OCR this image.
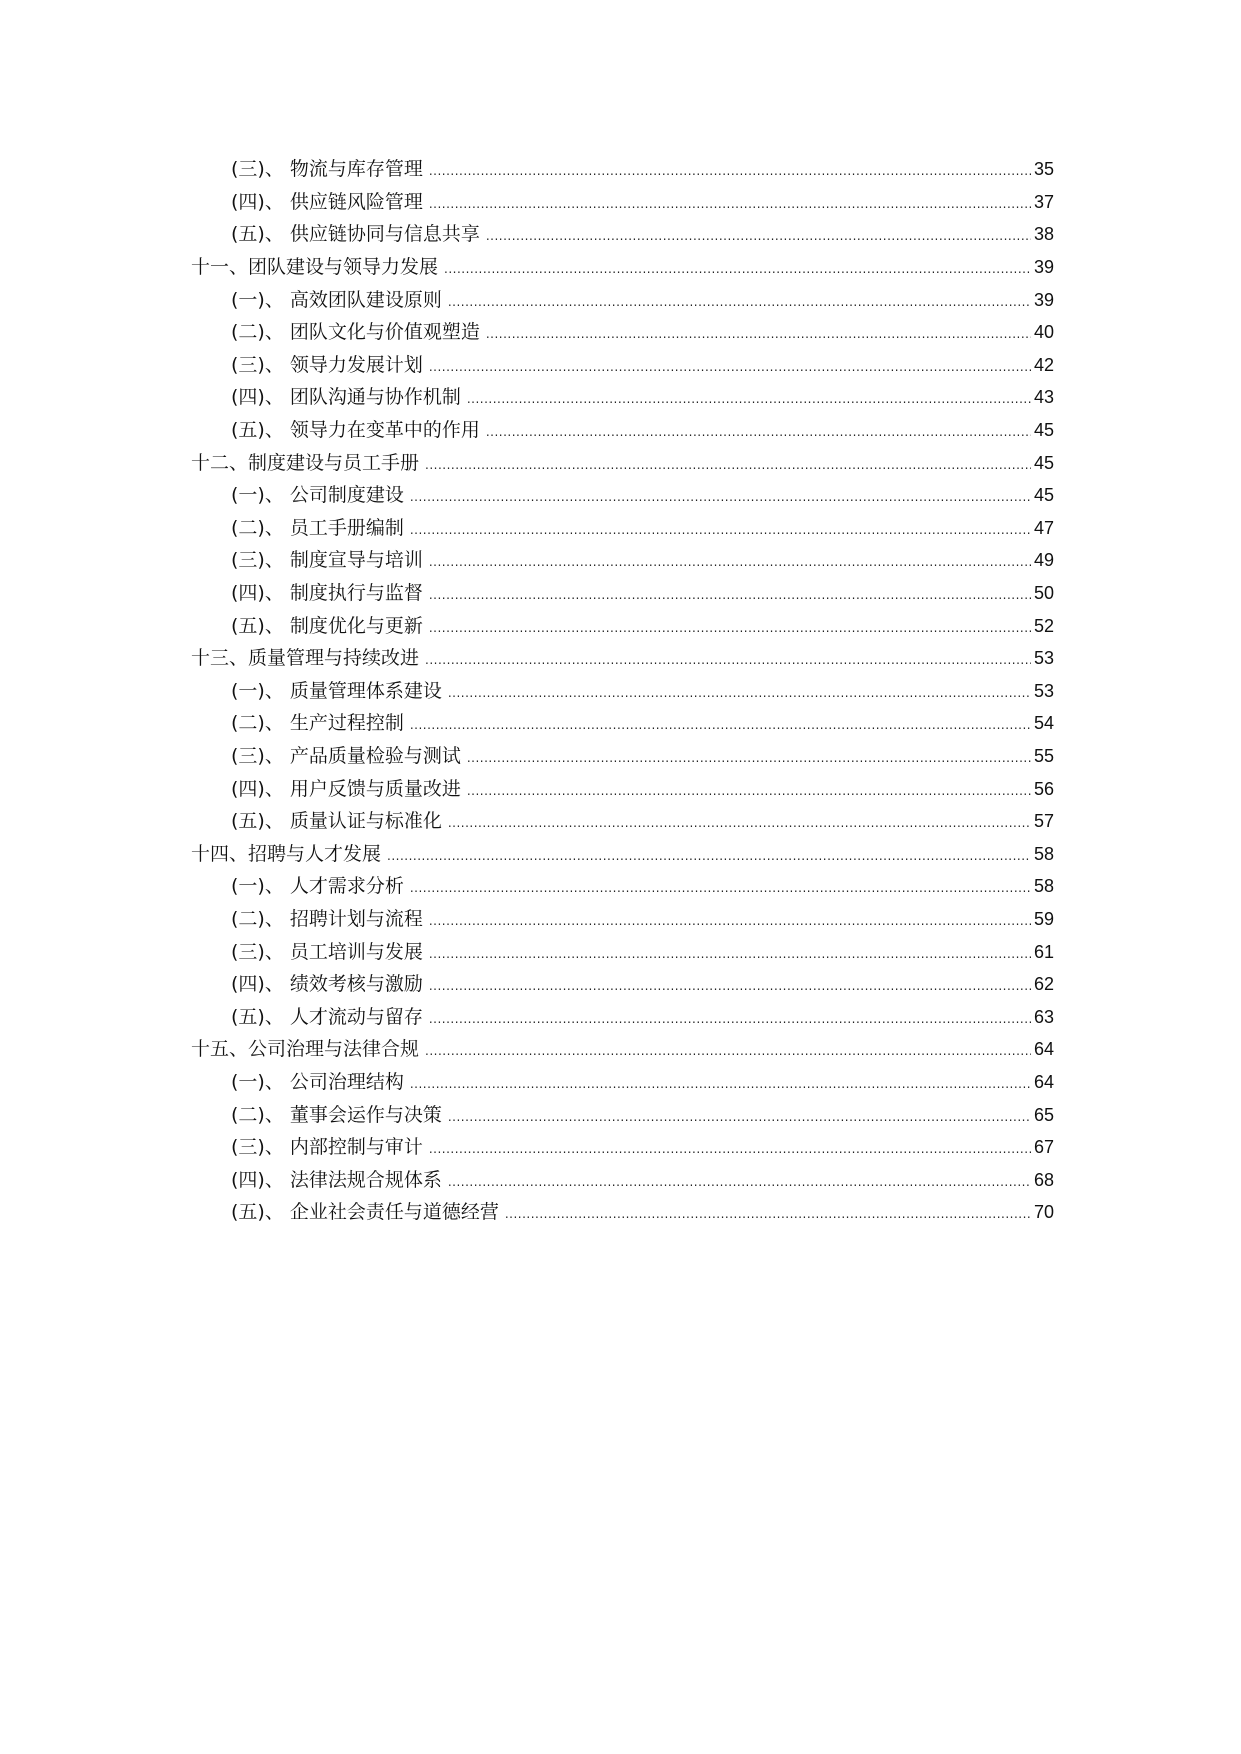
(三)、 物流与库存管理 .....	35
(四)、 供应链风险管理 .....	37
(五)、 供应链协同与信息共享 .....	38
十一、团队建设与领导力发展 .....	39
(一)、 高效团队建设原则 .....	39
(二)、 团队文化与价值观塑造 .....	40
(三)、 领导力发展计划 .....	42
(四)、 团队沟通与协作机制 .....	43
(五)、 领导力在变革中的作用 .....	45
十二、制度建设与员工手册 .....	45
(一)、 公司制度建设 .....	45
(二)、 员工手册编制 .....	47
(三)、 制度宣导与培训 .....	49
(四)、 制度执行与监督 .....	50
(五)、 制度优化与更新 .....	52
十三、质量管理与持续改进 .....	53
(一)、 质量管理体系建设 .....	53
(二)、 生产过程控制 .....	54
(三)、 产品质量检验与测试 .....	55
(四)、 用户反馈与质量改进 .....	56
(五)、 质量认证与标准化 .....	57
十四、招聘与人才发展 .....	58
(一)、 人才需求分析 .....	58
(二)、 招聘计划与流程 .....	59
(三)、 员工培训与发展 .....	61
(四)、 绩效考核与激励 .....	62
(五)、 人才流动与留存 .....	63
十五、公司治理与法律合规 .....	64
(一)、 公司治理结构 .....	64
(二)、 董事会运作与决策 .....	65
(三)、 内部控制与审计 .....	67
(四)、 法律法规合规体系 .....	68
(五)、 企业社会责任与道德经营 .....	70
